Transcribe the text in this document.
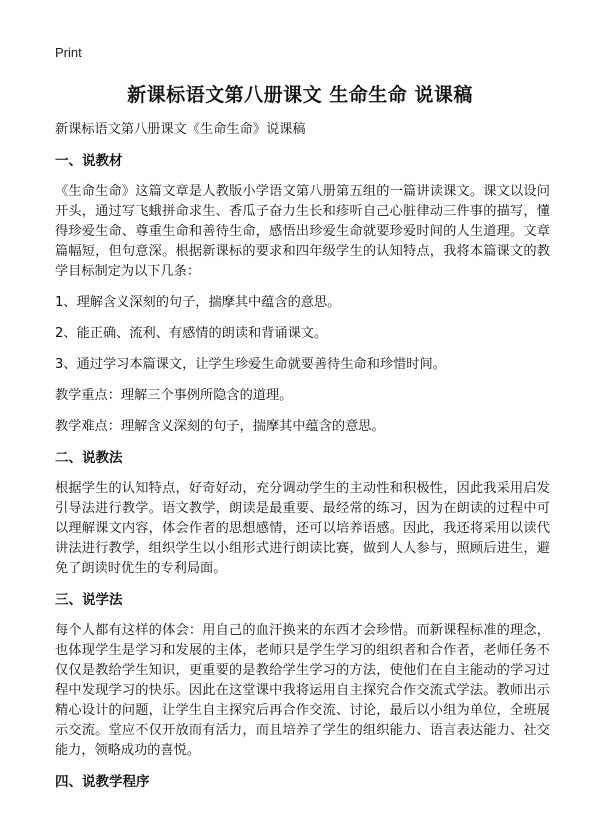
Print
新课标语文第八册课文 生命生命 说课稿

新课标语文第八册课文《生命生命》说课稿

一、说教材

《生命生命》这篇文章是人教版小学语文第八册第五组的一篇讲读课文。课文以设问开头，通过写飞蛾拼命求生、香瓜子奋力生长和疹听自己心脏律动三件事的描写，懂得珍爱生命、尊重生命和善待生命，感悟出珍爱生命就要珍爱时间的人生道理。文章篇幅短，但句意深。根据新课标的要求和四年级学生的认知特点，我将本篇课文的教学目标制定为以下几条：

1、理解含义深刻的句子，揣摩其中蕴含的意思。

2、能正确、流利、有感情的朗读和背诵课文。

3、通过学习本篇课文，让学生珍爱生命就要善待生命和珍惜时间。

教学重点：理解三个事例所隐含的道理。

教学难点：理解含义深刻的句子，揣摩其中蕴含的意思。

二、说教法

根据学生的认知特点，好奇好动，充分调动学生的主动性和积极性，因此我采用启发引导法进行教学。语文教学，朗读是最重要、最经常的练习，因为在朗读的过程中可以理解课文内容，体会作者的思想感情，还可以培养语感。因此，我还将采用以读代讲法进行教学，组织学生以小组形式进行朗读比赛，做到人人参与，照顾后进生，避免了朗读时优生的专利局面。

三、说学法

每个人都有这样的体会：用自己的血汗换来的东西才会珍惜。而新课程标准的理念，也体现学生是学习和发展的主体，老师只是学生学习的组织者和合作者，老师任务不仅仅是教给学生知识，更重要的是教给学生学习的方法，使他们在自主能动的学习过程中发现学习的快乐。因此在这堂课中我将运用自主探究合作交流式学法。教师出示精心设计的问题，让学生自主探究后再合作交流、讨论，最后以小组为单位，全班展示交流。堂应不仅开放而有活力，而且培养了学生的组织能力、语言表达能力、社交能力，领略成功的喜悦。

四、说教学程序
